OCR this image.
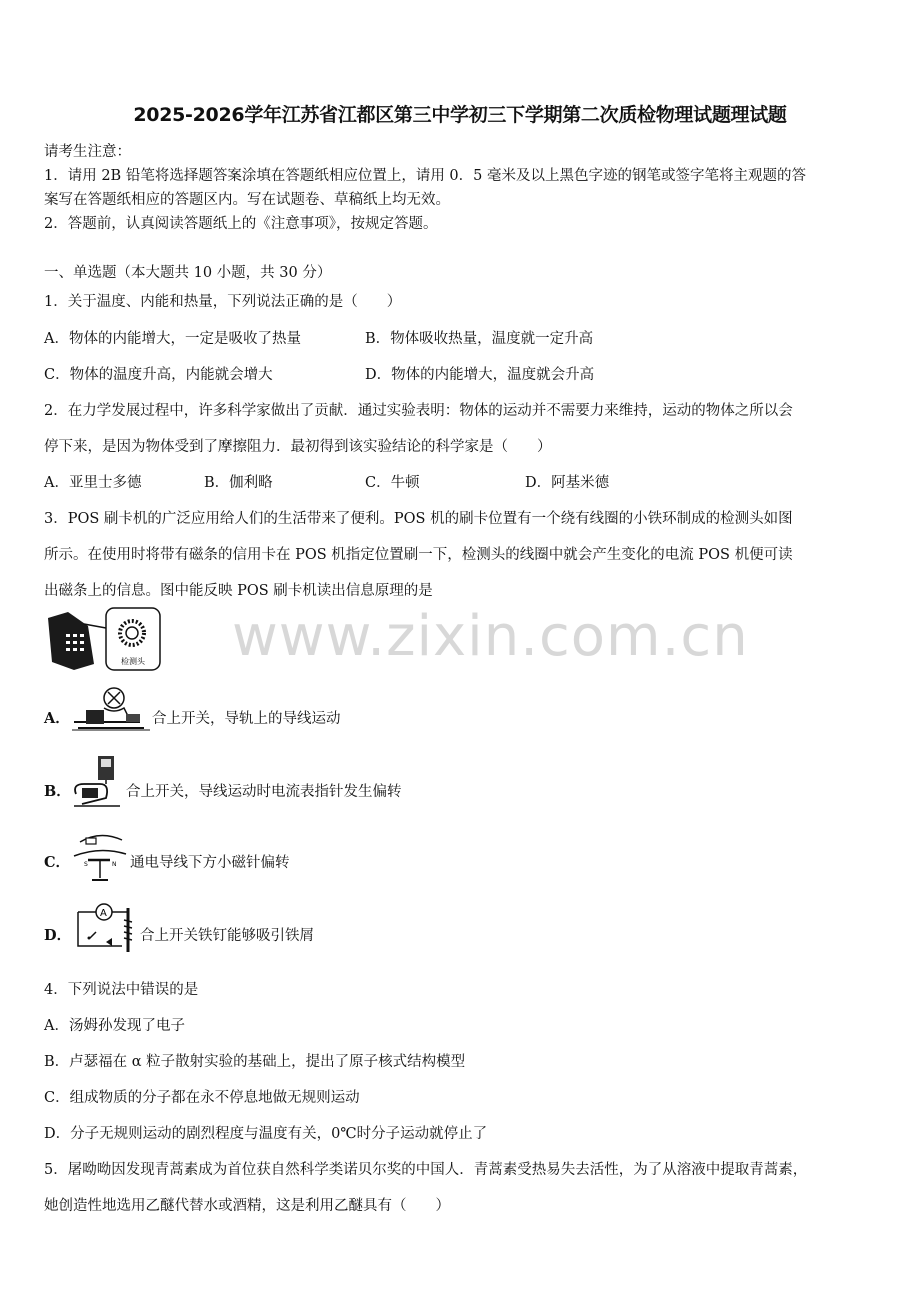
2025-2026学年江苏省江都区第三中学初三下学期第二次质检物理试题理试题
请考生注意：
1．请用 2B 铅笔将选择题答案涂填在答题纸相应位置上，请用 0．5 毫米及以上黑色字迹的钢笔或签字笔将主观题的答
案写在答题纸相应的答题区内。写在试题卷、草稿纸上均无效。
2．答题前，认真阅读答题纸上的《注意事项》，按规定答题。
一、单选题（本大题共 10 小题，共 30 分）
1．关于温度、内能和热量，下列说法正确的是（　　）
A．物体的内能增大，一定是吸收了热量	B．物体吸收热量，温度就一定升高
C．物体的温度升高，内能就会增大	D．物体的内能增大，温度就会升高
2．在力学发展过程中，许多科学家做出了贡献．通过实验表明：物体的运动并不需要力来维持，运动的物体之所以会
停下来，是因为物体受到了摩擦阻力．最初得到该实验结论的科学家是（　　）
A．亚里士多德	B．伽利略	C．牛顿	D．阿基米德
3．POS 刷卡机的广泛应用给人们的生活带来了便利。POS 机的刷卡位置有一个绕有线圈的小铁环制成的检测头如图
所示。在使用时将带有磁条的信用卡在 POS 机指定位置刷一下，检测头的线圈中就会产生变化的电流 POS 机便可读
出磁条上的信息。图中能反映 POS 刷卡机读出信息原理的是
www.zixin.com.cn
检测头
A．	合上开关，导轨上的导线运动
B．	合上开关，导线运动时电流表指针发生偏转
C． S	N 通电导线下方小磁针偏转
D．
A
合上开关铁钉能够吸引铁屑
4．下列说法中错误的是
A．汤姆孙发现了电子
B．卢瑟福在 α 粒子散射实验的基础上，提出了原子核式结构模型
C．组成物质的分子都在永不停息地做无规则运动
D．分子无规则运动的剧烈程度与温度有关，0℃时分子运动就停止了
5．屠呦呦因发现青蒿素成为首位获自然科学类诺贝尔奖的中国人．青蒿素受热易失去活性，为了从溶液中提取青蒿素，
她创造性地选用乙醚代替水或酒精，这是利用乙醚具有（　　）
